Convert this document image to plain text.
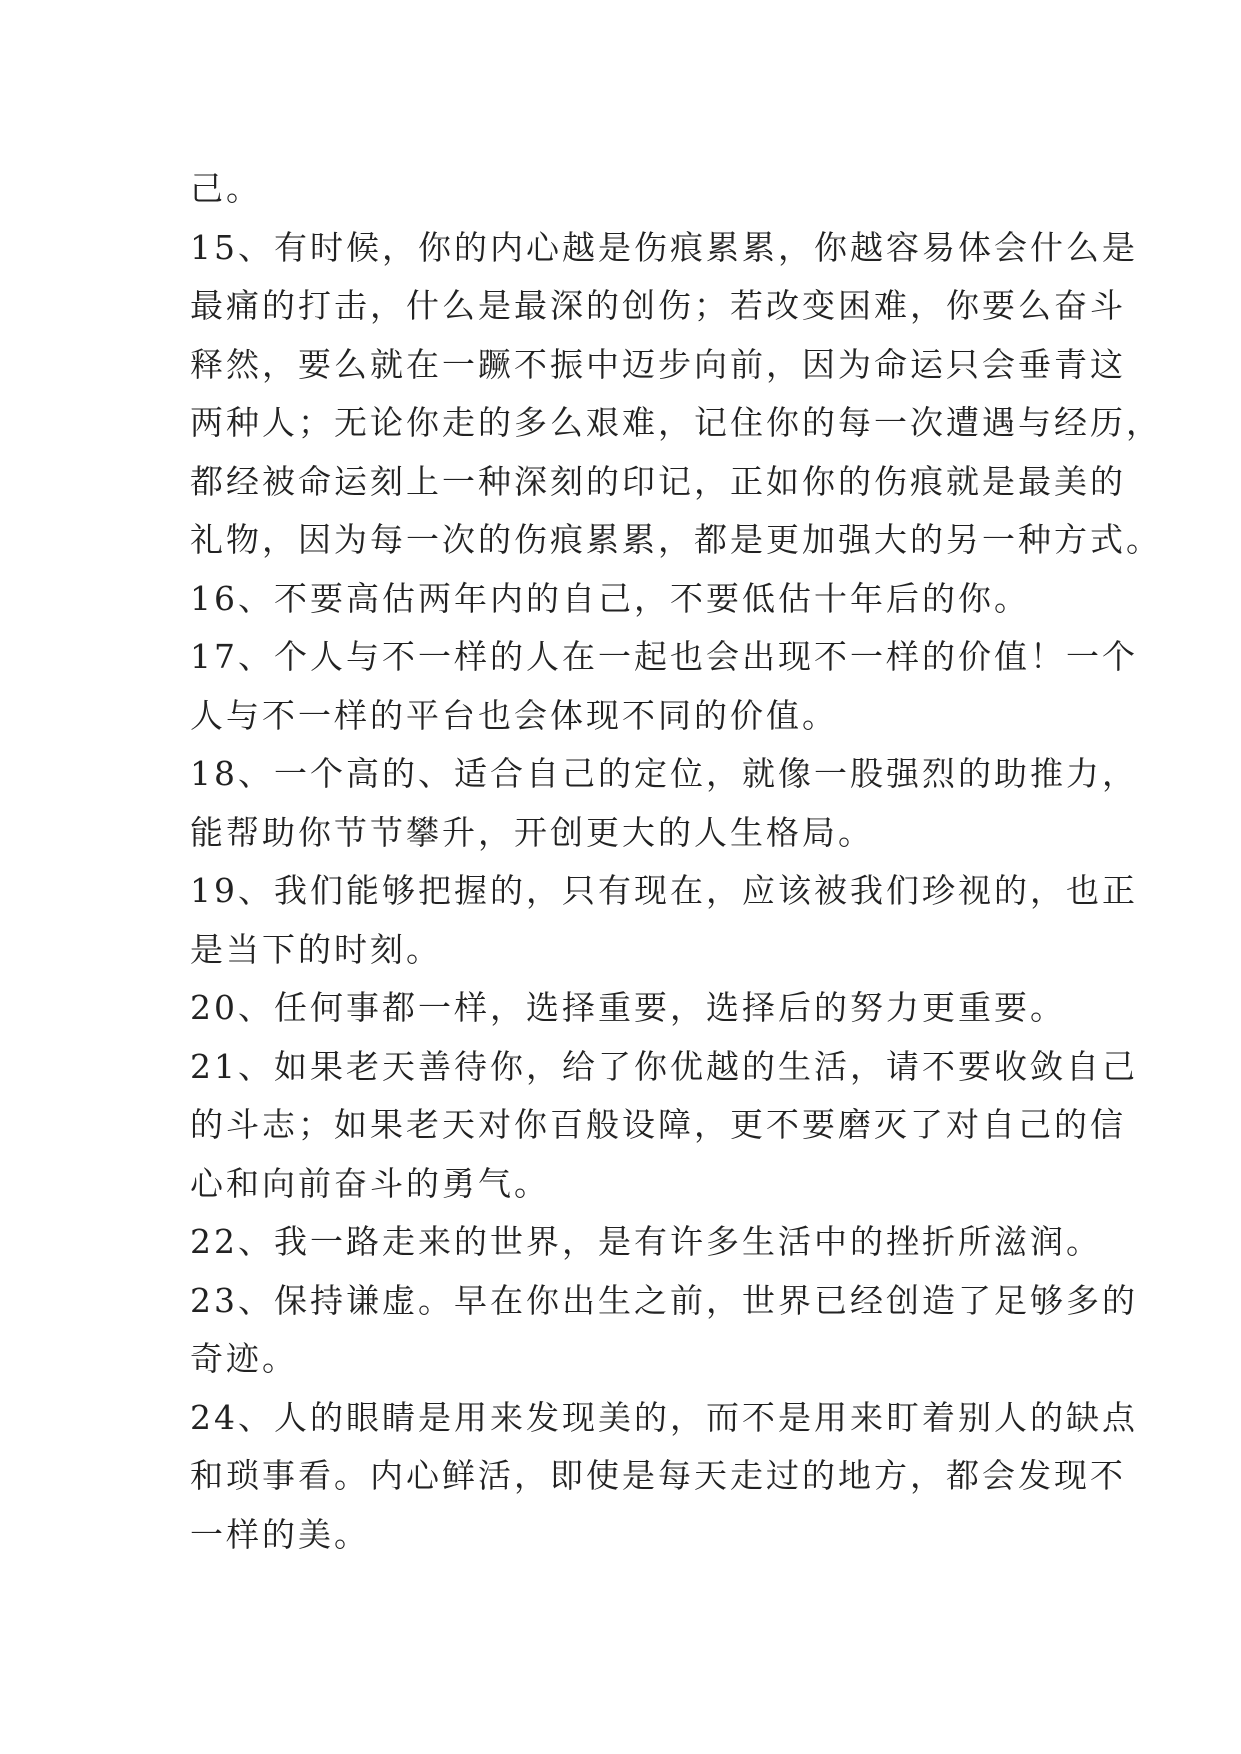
己。
15、有时候，你的内心越是伤痕累累，你越容易体会什么是
最痛的打击，什么是最深的创伤；若改变困难，你要么奋斗
释然，要么就在一蹶不振中迈步向前，因为命运只会垂青这
两种人；无论你走的多么艰难，记住你的每一次遭遇与经历，
都经被命运刻上一种深刻的印记，正如你的伤痕就是最美的
礼物，因为每一次的伤痕累累，都是更加强大的另一种方式。
16、不要高估两年内的自己，不要低估十年后的你。
17、个人与不一样的人在一起也会出现不一样的价值！一个
人与不一样的平台也会体现不同的价值。
18、一个高的、适合自己的定位，就像一股强烈的助推力，
能帮助你节节攀升，开创更大的人生格局。
19、我们能够把握的，只有现在，应该被我们珍视的，也正
是当下的时刻。
20、任何事都一样，选择重要，选择后的努力更重要。
21、如果老天善待你，给了你优越的生活，请不要收敛自己
的斗志；如果老天对你百般设障，更不要磨灭了对自己的信
心和向前奋斗的勇气。
22、我一路走来的世界，是有许多生活中的挫折所滋润。
23、保持谦虚。早在你出生之前，世界已经创造了足够多的
奇迹。
24、人的眼睛是用来发现美的，而不是用来盯着别人的缺点
和琐事看。内心鲜活，即使是每天走过的地方，都会发现不
一样的美。
